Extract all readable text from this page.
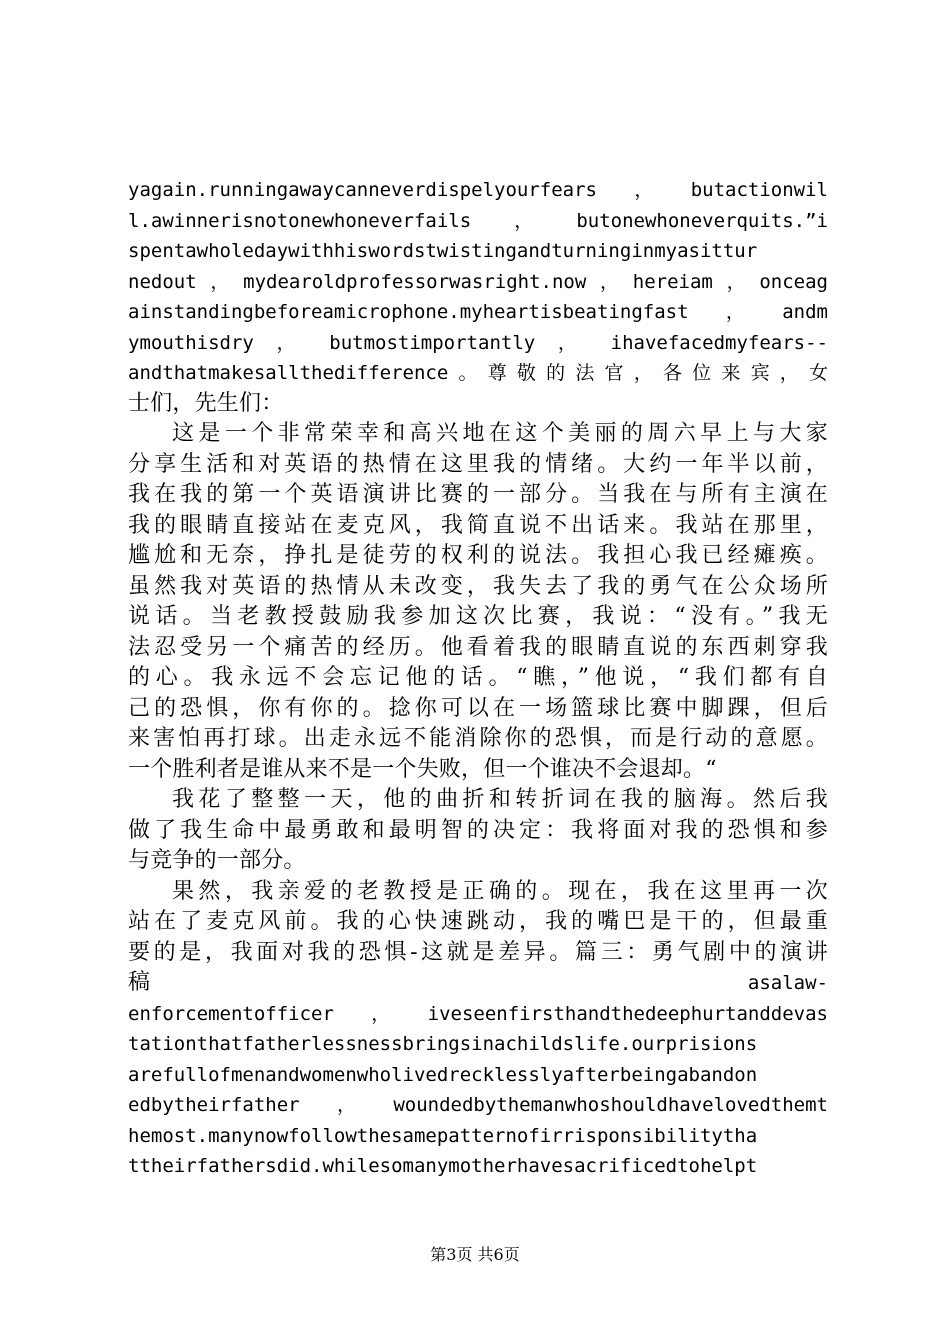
yagain.runningawaycanneverdispelyourfears，butactionwil
l.awinnerisnotonewhoneverfails，butonewhoneverquits.”i
spentawholedaywithhiswordstwistingandturninginmyasittur
nedout，mydearoldprofessorwasright.now，hereiam，onceag
ainstandingbeforeamicrophone.myheartisbeatingfast，andm
ymouthisdry ， butmostimportantly ， ihavefacedmyfears--
andthatmakesallthedifference。尊敬的法官，各位来宾，女
士们，先生们：
这是一个非常荣幸和高兴地在这个美丽的周六早上与大家
分享生活和对英语的热情在这里我的情绪。大约一年半以前，
我在我的第一个英语演讲比赛的一部分。当我在与所有主演在
我的眼睛直接站在麦克风，我简直说不出话来。我站在那里，
尴尬和无奈，挣扎是徒劳的权利的说法。我担心我已经瘫痪。
虽然我对英语的热情从未改变，我失去了我的勇气在公众场所
说话。当老教授鼓励我参加这次比赛，我说：“没有。”我无
法忍受另一个痛苦的经历。他看着我的眼睛直说的东西刺穿我
的心。我永远不会忘记他的话。“瞧，”他说，“我们都有自
己的恐惧，你有你的。捻你可以在一场篮球比赛中脚踝，但后
来害怕再打球。出走永远不能消除你的恐惧，而是行动的意愿。
一个胜利者是谁从来不是一个失败，但一个谁决不会退却。“
我花了整整一天，他的曲折和转折词在我的脑海。然后我
做了我生命中最勇敢和最明智的决定：我将面对我的恐惧和参
与竞争的一部分。
果然，我亲爱的老教授是正确的。现在，我在这里再一次
站在了麦克风前。我的心快速跳动，我的嘴巴是干的，但最重
要的是，我面对我的恐惧-这就是差异。篇三：勇气剧中的演讲
稿	asalaw-
enforcementofficer，iveseenfirsthandthedeephurtanddevas
tationthatfatherlessnessbringsinachildslife.ourprisions
arefullofmenandwomenwholivedrecklesslyafterbeingabandon
edbytheirfather，woundedbythemanwhoshouldhavelovedthemt
hemost.manynowfollowthesamepatternofirrisponsibilitytha
ttheirfathersdid.whilesomanymotherhavesacrificedtohelpt
第3页 共6页
